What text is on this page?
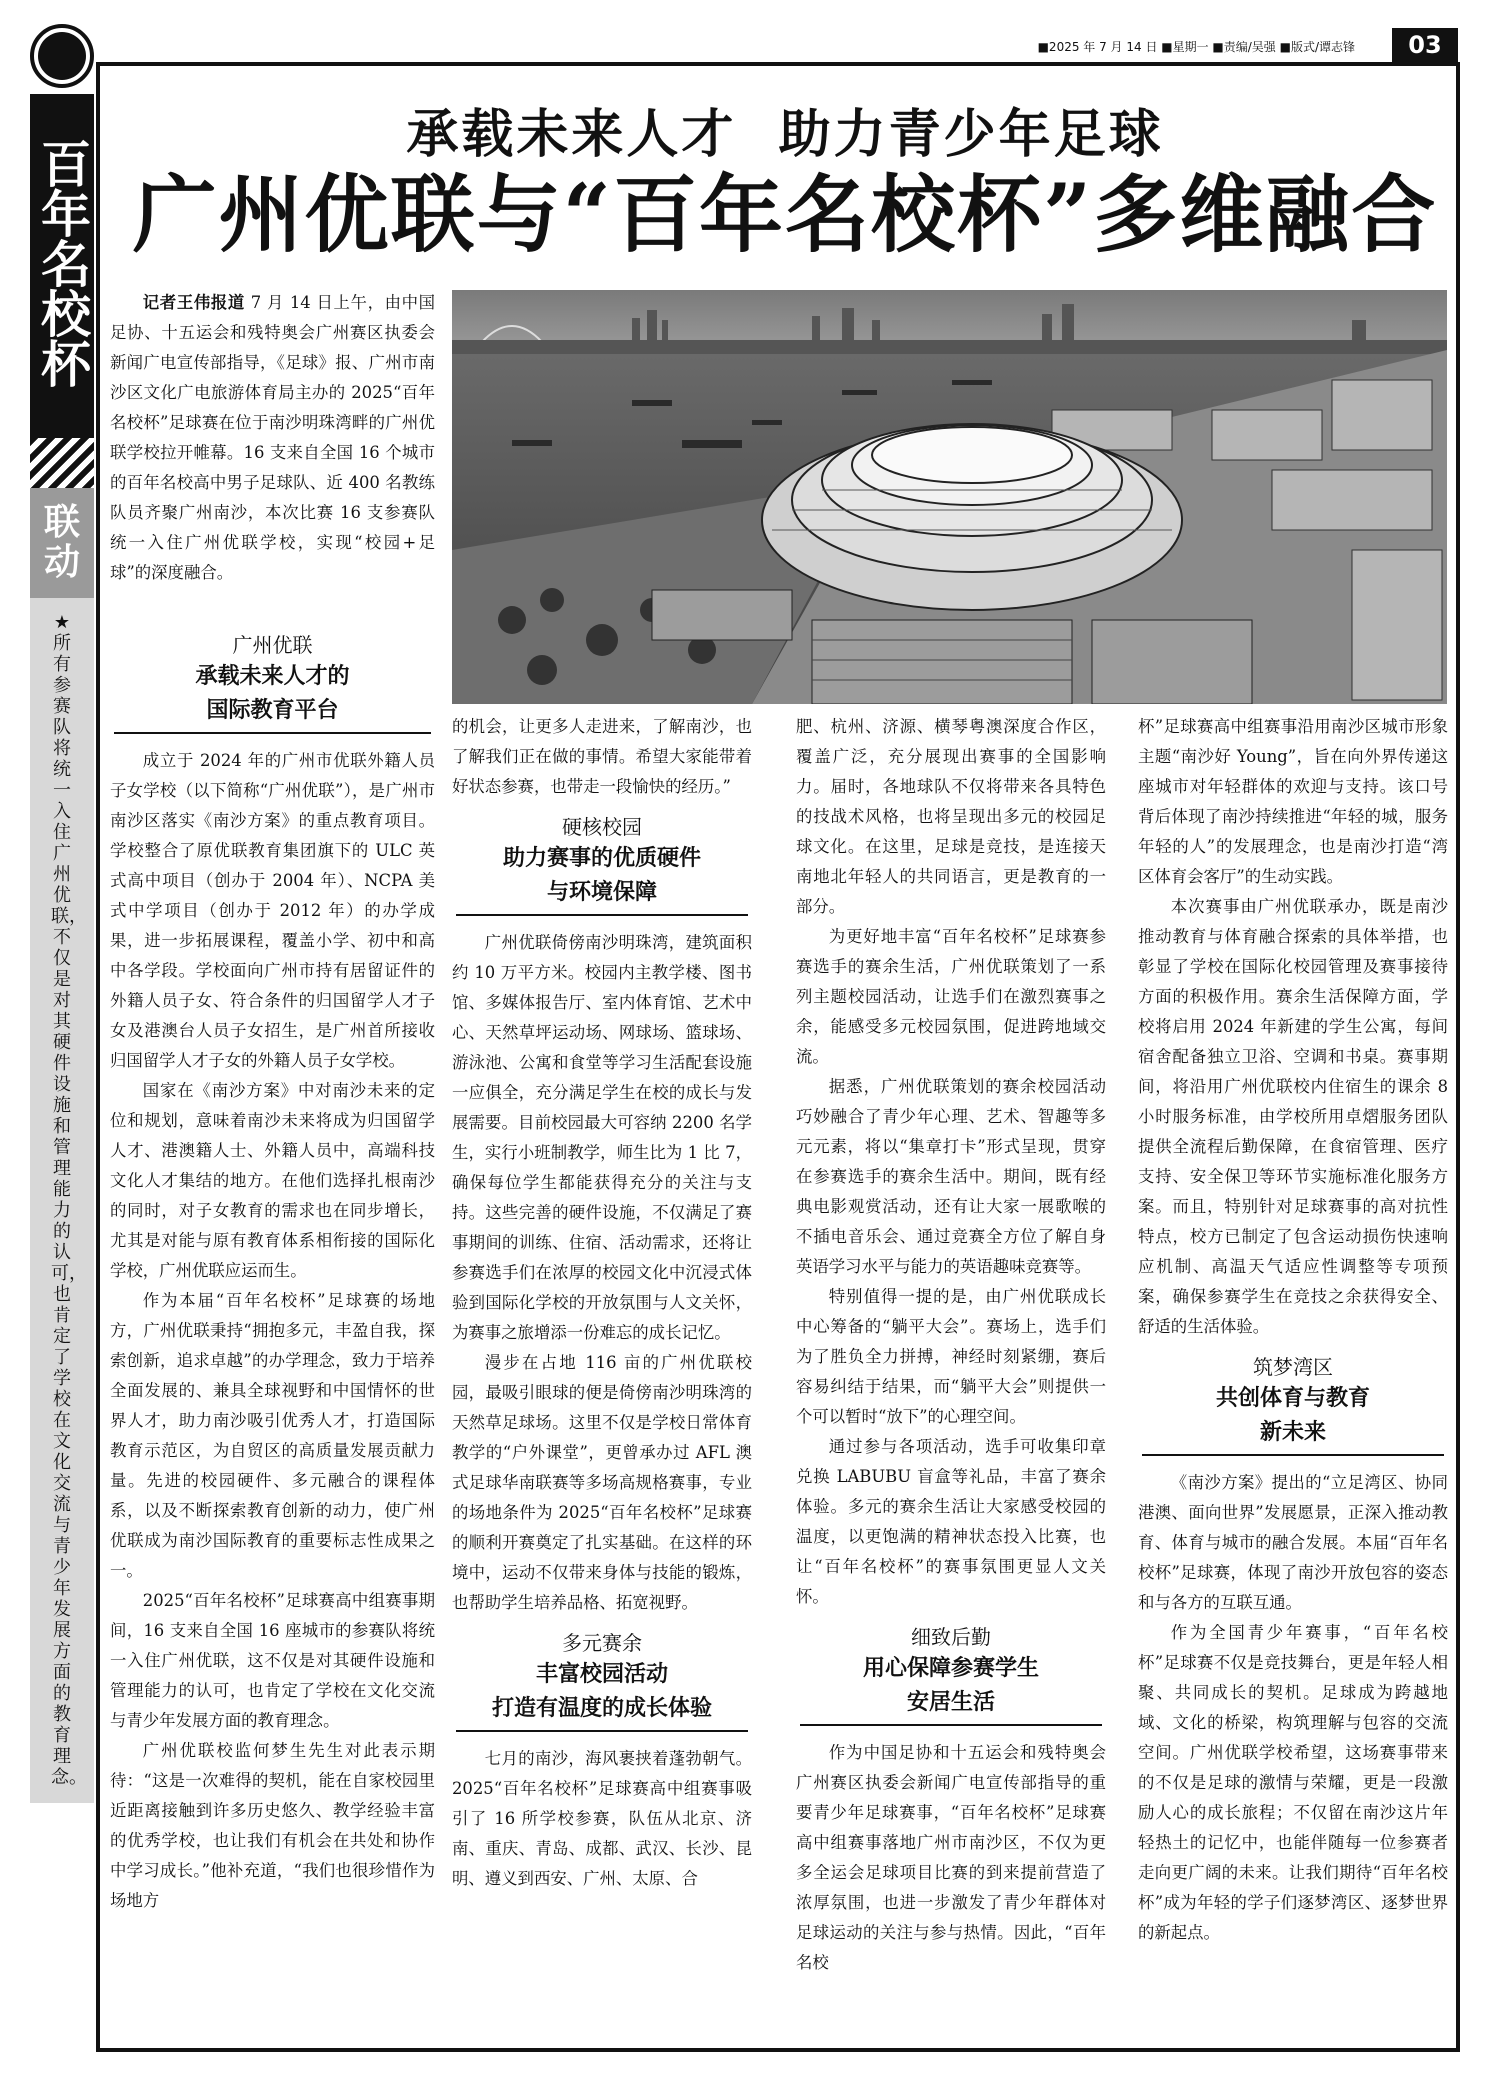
百年名校杯
联动
★所有参赛队将统一入住广州优联，不仅是对其硬件设施和管理能力的认可，也肯定了学校在文化交流与青少年发展方面的教育理念。
■2025 年 7 月 14 日 ■星期一 ■责编/吴强 ■版式/谭志锋	03
承载未来人才  助力青少年足球
广州优联与“百年名校杯”多维融合

记者王伟报道 7 月 14 日上午，由中国足协、十五运会和残特奥会广州赛区执委会新闻广电宣传部指导，《足球》报、广州市南沙区文化广电旅游体育局主办的 2025“百年名校杯”足球赛在位于南沙明珠湾畔的广州优联学校拉开帷幕。16 支来自全国 16 个城市的百年名校高中男子足球队、近 400 名教练队员齐聚广州南沙，本次比赛 16 支参赛队统一入住广州优联学校，实现“校园+足球”的深度融合。

广州优联
承载未来人才的
国际教育平台

成立于 2024 年的广州市优联外籍人员子女学校（以下简称“广州优联”），是广州市南沙区落实《南沙方案》的重点教育项目。学校整合了原优联教育集团旗下的 ULC 英式高中项目（创办于 2004 年）、NCPA 美式中学项目（创办于 2012 年）的办学成果，进一步拓展课程，覆盖小学、初中和高中各学段。学校面向广州市持有居留证件的外籍人员子女、符合条件的归国留学人才子女及港澳台人员子女招生，是广州首所接收归国留学人才子女的外籍人员子女学校。

国家在《南沙方案》中对南沙未来的定位和规划，意味着南沙未来将成为归国留学人才、港澳籍人士、外籍人员中，高端科技文化人才集结的地方。在他们选择扎根南沙的同时，对子女教育的需求也在同步增长，尤其是对能与原有教育体系相衔接的国际化学校，广州优联应运而生。

作为本届“百年名校杯”足球赛的场地方，广州优联秉持“拥抱多元，丰盈自我，探索创新，追求卓越”的办学理念，致力于培养全面发展的、兼具全球视野和中国情怀的世界人才，助力南沙吸引优秀人才，打造国际教育示范区，为自贸区的高质量发展贡献力量。先进的校园硬件、多元融合的课程体系，以及不断探索教育创新的动力，使广州优联成为南沙国际教育的重要标志性成果之一。

2025“百年名校杯”足球赛高中组赛事期间，16 支来自全国 16 座城市的参赛队将统一入住广州优联，这不仅是对其硬件设施和管理能力的认可，也肯定了学校在文化交流与青少年发展方面的教育理念。

广州优联校监何梦生先生对此表示期待：“这是一次难得的契机，能在自家校园里近距离接触到许多历史悠久、教学经验丰富的优秀学校，也让我们有机会在共处和协作中学习成长。”他补充道，“我们也很珍惜作为场地方

的机会，让更多人走进来，了解南沙，也了解我们正在做的事情。希望大家能带着好状态参赛，也带走一段愉快的经历。”

硬核校园
助力赛事的优质硬件
与环境保障

广州优联倚傍南沙明珠湾，建筑面积约 10 万平方米。校园内主教学楼、图书馆、多媒体报告厅、室内体育馆、艺术中心、天然草坪运动场、网球场、篮球场、游泳池、公寓和食堂等学习生活配套设施一应俱全，充分满足学生在校的成长与发展需要。目前校园最大可容纳 2200 名学生，实行小班制教学，师生比为 1 比 7，确保每位学生都能获得充分的关注与支持。这些完善的硬件设施，不仅满足了赛事期间的训练、住宿、活动需求，还将让参赛选手们在浓厚的校园文化中沉浸式体验到国际化学校的开放氛围与人文关怀，为赛事之旅增添一份难忘的成长记忆。

漫步在占地 116 亩的广州优联校园，最吸引眼球的便是倚傍南沙明珠湾的天然草足球场。这里不仅是学校日常体育教学的“户外课堂”，更曾承办过 AFL 澳式足球华南联赛等多场高规格赛事，专业的场地条件为 2025“百年名校杯”足球赛的顺利开赛奠定了扎实基础。在这样的环境中，运动不仅带来身体与技能的锻炼，也帮助学生培养品格、拓宽视野。

多元赛余
丰富校园活动
打造有温度的成长体验

七月的南沙，海风裹挟着蓬勃朝气。2025“百年名校杯”足球赛高中组赛事吸引了 16 所学校参赛，队伍从北京、济南、重庆、青岛、成都、武汉、长沙、昆明、遵义到西安、广州、太原、合

肥、杭州、济源、横琴粤澳深度合作区，覆盖广泛，充分展现出赛事的全国影响力。届时，各地球队不仅将带来各具特色的技战术风格，也将呈现出多元的校园足球文化。在这里，足球是竞技，是连接天南地北年轻人的共同语言，更是教育的一部分。

为更好地丰富“百年名校杯”足球赛参赛选手的赛余生活，广州优联策划了一系列主题校园活动，让选手们在激烈赛事之余，能感受多元校园氛围，促进跨地域交流。

据悉，广州优联策划的赛余校园活动巧妙融合了青少年心理、艺术、智趣等多元元素，将以“集章打卡”形式呈现，贯穿在参赛选手的赛余生活中。期间，既有经典电影观赏活动，还有让大家一展歌喉的不插电音乐会、通过竞赛全方位了解自身英语学习水平与能力的英语趣味竞赛等。

特别值得一提的是，由广州优联成长中心筹备的“躺平大会”。赛场上，选手们为了胜负全力拼搏，神经时刻紧绷，赛后容易纠结于结果，而“躺平大会”则提供一个可以暂时“放下”的心理空间。

通过参与各项活动，选手可收集印章兑换 LABUBU 盲盒等礼品，丰富了赛余体验。多元的赛余生活让大家感受校园的温度，以更饱满的精神状态投入比赛，也让“百年名校杯”的赛事氛围更显人文关怀。

细致后勤
用心保障参赛学生
安居生活

作为中国足协和十五运会和残特奥会广州赛区执委会新闻广电宣传部指导的重要青少年足球赛事，“百年名校杯”足球赛高中组赛事落地广州市南沙区，不仅为更多全运会足球项目比赛的到来提前营造了浓厚氛围，也进一步激发了青少年群体对足球运动的关注与参与热情。因此，“百年名校

杯”足球赛高中组赛事沿用南沙区城市形象主题“南沙好 Young”，旨在向外界传递这座城市对年轻群体的欢迎与支持。该口号背后体现了南沙持续推进“年轻的城，服务年轻的人”的发展理念，也是南沙打造“湾区体育会客厅”的生动实践。

本次赛事由广州优联承办，既是南沙推动教育与体育融合探索的具体举措，也彰显了学校在国际化校园管理及赛事接待方面的积极作用。赛余生活保障方面，学校将启用 2024 年新建的学生公寓，每间宿舍配备独立卫浴、空调和书桌。赛事期间，将沿用广州优联校内住宿生的课余 8 小时服务标准，由学校所用卓熠服务团队提供全流程后勤保障，在食宿管理、医疗支持、安全保卫等环节实施标准化服务方案。而且，特别针对足球赛事的高对抗性特点，校方已制定了包含运动损伤快速响应机制、高温天气适应性调整等专项预案，确保参赛学生在竞技之余获得安全、舒适的生活体验。

筑梦湾区
共创体育与教育
新未来

《南沙方案》提出的“立足湾区、协同港澳、面向世界”发展愿景，正深入推动教育、体育与城市的融合发展。本届“百年名校杯”足球赛，体现了南沙开放包容的姿态和与各方的互联互通。

作为全国青少年赛事，“百年名校杯”足球赛不仅是竞技舞台，更是年轻人相聚、共同成长的契机。足球成为跨越地域、文化的桥梁，构筑理解与包容的交流空间。广州优联学校希望，这场赛事带来的不仅是足球的激情与荣耀，更是一段激励人心的成长旅程；不仅留在南沙这片年轻热土的记忆中，也能伴随每一位参赛者走向更广阔的未来。让我们期待“百年名校杯”成为年轻的学子们逐梦湾区、逐梦世界的新起点。
